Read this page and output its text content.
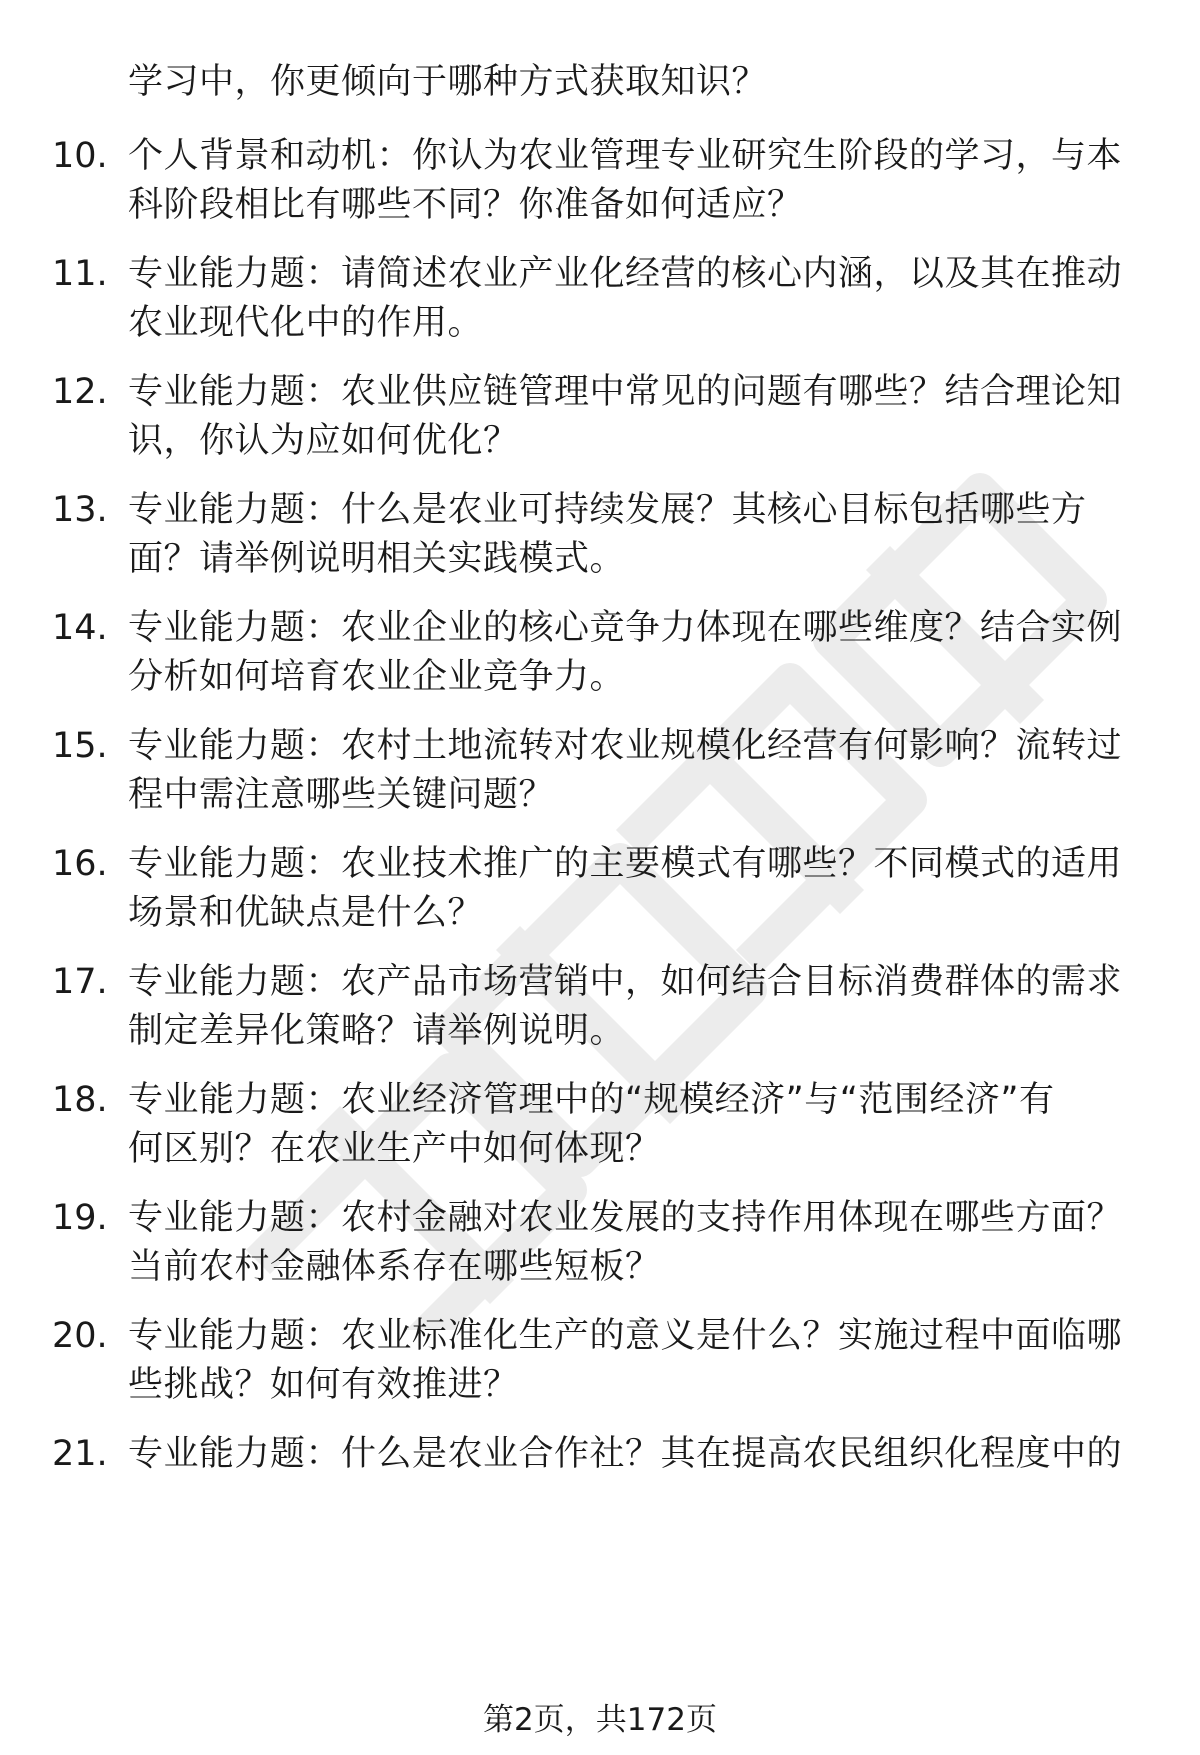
学习中，你更倾向于哪种方式获取知识？
10. 个人背景和动机：你认为农业管理专业研究生阶段的学习，与本
科阶段相比有哪些不同？你准备如何适应？
11. 专业能力题：请简述农业产业化经营的核心内涵，以及其在推动
农业现代化中的作用。
12. 专业能力题：农业供应链管理中常见的问题有哪些？结合理论知
识，你认为应如何优化？
13. 专业能力题：什么是农业可持续发展？其核心目标包括哪些方
面？请举例说明相关实践模式。
14. 专业能力题：农业企业的核心竞争力体现在哪些维度？结合实例
分析如何培育农业企业竞争力。
15. 专业能力题：农村土地流转对农业规模化经营有何影响？流转过
程中需注意哪些关键问题？
16. 专业能力题：农业技术推广的主要模式有哪些？不同模式的适用
场景和优缺点是什么？
17. 专业能力题：农产品市场营销中，如何结合目标消费群体的需求
制定差异化策略？请举例说明。
18. 专业能力题：农业经济管理中的“规模经济”与“范围经济”有
何区别？在农业生产中如何体现？
19. 专业能力题：农村金融对农业发展的支持作用体现在哪些方面？
当前农村金融体系存在哪些短板？
20. 专业能力题：农业标准化生产的意义是什么？实施过程中面临哪
些挑战？如何有效推进？
21. 专业能力题：什么是农业合作社？其在提高农民组织化程度中的
第2页，共172页
